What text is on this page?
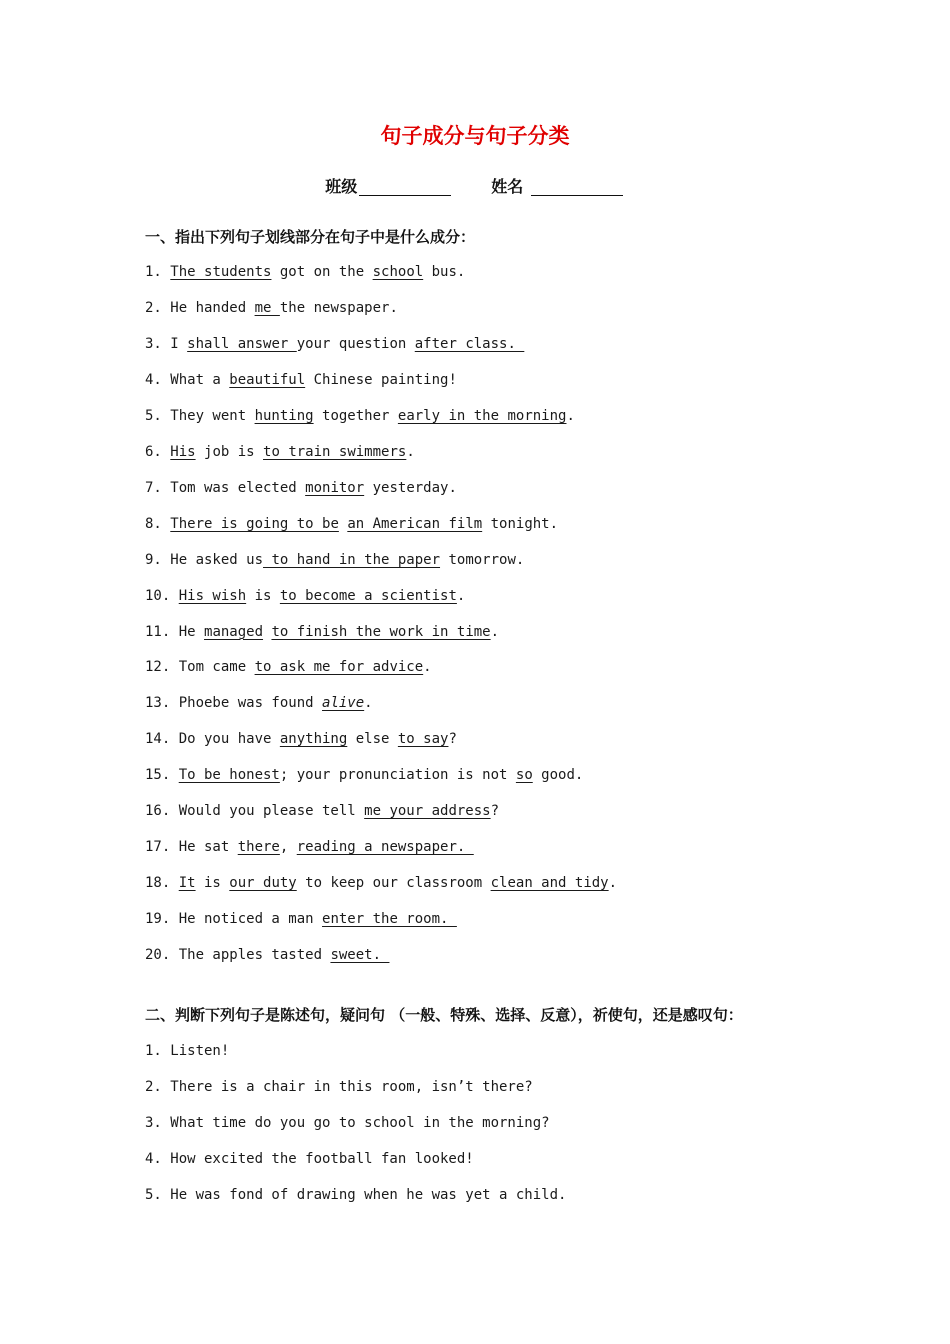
句子成分与句子分类
班级	姓名
一、指出下列句子划线部分在句子中是什么成分：
1. The students got on the school bus.
2. He handed me the newspaper.
3. I shall answer your question after class.
4. What a beautiful Chinese painting!
5. They went hunting together early in the morning.
6. His job is to train swimmers.
7. Tom was elected monitor yesterday.
8. There is going to be an American film tonight.
9. He asked us to hand in the paper tomorrow.
10. His wish is to become a scientist.
11. He managed to finish the work in time.
12. Tom came to ask me for advice.
13. Phoebe was found alive.
14. Do you have anything else to say?
15. To be honest; your pronunciation is not so good.
16. Would you please tell me your address?
17. He sat there, reading a newspaper.
18. It is our duty to keep our classroom clean and tidy.
19. He noticed a man enter the room.
20. The apples tasted sweet.
二、判断下列句子是陈述句，疑问句 （一般、特殊、选择、反意），祈使句，还是感叹句：
1. Listen!
2. There is a chair in this room, isn’t there?
3. What time do you go to school in the morning?
4. How excited the football fan looked!
5. He was fond of drawing when he was yet a child.
